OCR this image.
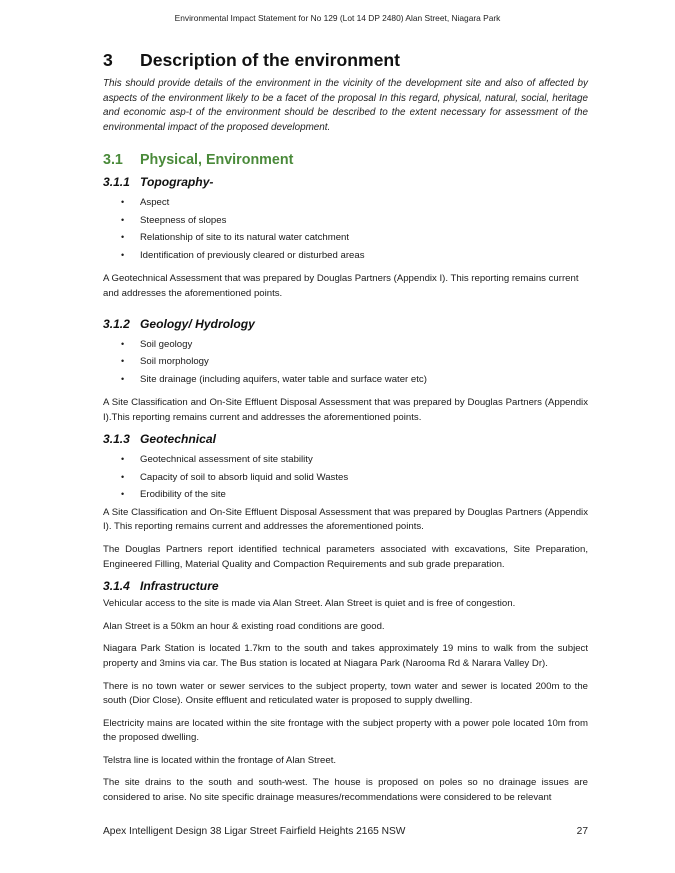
Environmental Impact Statement for No 129 (Lot 14 DP 2480) Alan Street, Niagara Park
3	Description of the environment

This should provide details of the environment in the vicinity of the development site and also of affected by aspects of the environment likely to be a facet of the proposal In this regard, physical, natural, social, heritage and economic asp-t of the environment should be described to the extent necessary for assessment of the environmental impact of the proposed development.

3.1	Physical, Environment
3.1.1 Topography-
• Aspect
• Steepness of slopes
• Relationship of site to its natural water catchment
• Identification of previously cleared or disturbed areas

A Geotechnical Assessment that was prepared by Douglas Partners (Appendix I). This reporting remains current and addresses the aforementioned points.

3.1.2 Geology/ Hydrology
• Soil geology
• Soil morphology
• Site drainage (including aquifers, water table and surface water etc)

A Site Classification and On-Site Effluent Disposal Assessment that was prepared by Douglas Partners (Appendix I).This reporting remains current and addresses the aforementioned points.

3.1.3 Geotechnical
• Geotechnical assessment of site stability
• Capacity of soil to absorb liquid and solid Wastes
• Erodibility of the site

A Site Classification and On-Site Effluent Disposal Assessment that was prepared by Douglas Partners (Appendix I). This reporting remains current and addresses the aforementioned points.

The Douglas Partners report identified technical parameters associated with excavations, Site Preparation, Engineered Filling, Material Quality and Compaction Requirements and sub grade preparation.

3.1.4 Infrastructure

Vehicular access to the site is made via Alan Street. Alan Street is quiet and is free of congestion.

Alan Street is a 50km an hour & existing road conditions are good.

Niagara Park Station is located 1.7km to the south and takes approximately 19 mins to walk from the subject property and 3mins via car. The Bus station is located at Niagara Park (Narooma Rd & Narara Valley Dr).

There is no town water or sewer services to the subject property, town water and sewer is located 200m to the south (Dior Close). Onsite effluent and reticulated water is proposed to supply dwelling.

Electricity mains are located within the site frontage with the subject property with a power pole located 10m from the proposed dwelling.

Telstra line is located within the frontage of Alan Street.

The site drains to the south and south-west. The house is proposed on poles so no drainage issues are considered to arise. No site specific drainage measures/recommendations were considered to be relevant

Apex Intelligent Design 38 Ligar Street Fairfield Heights 2165 NSW	27
